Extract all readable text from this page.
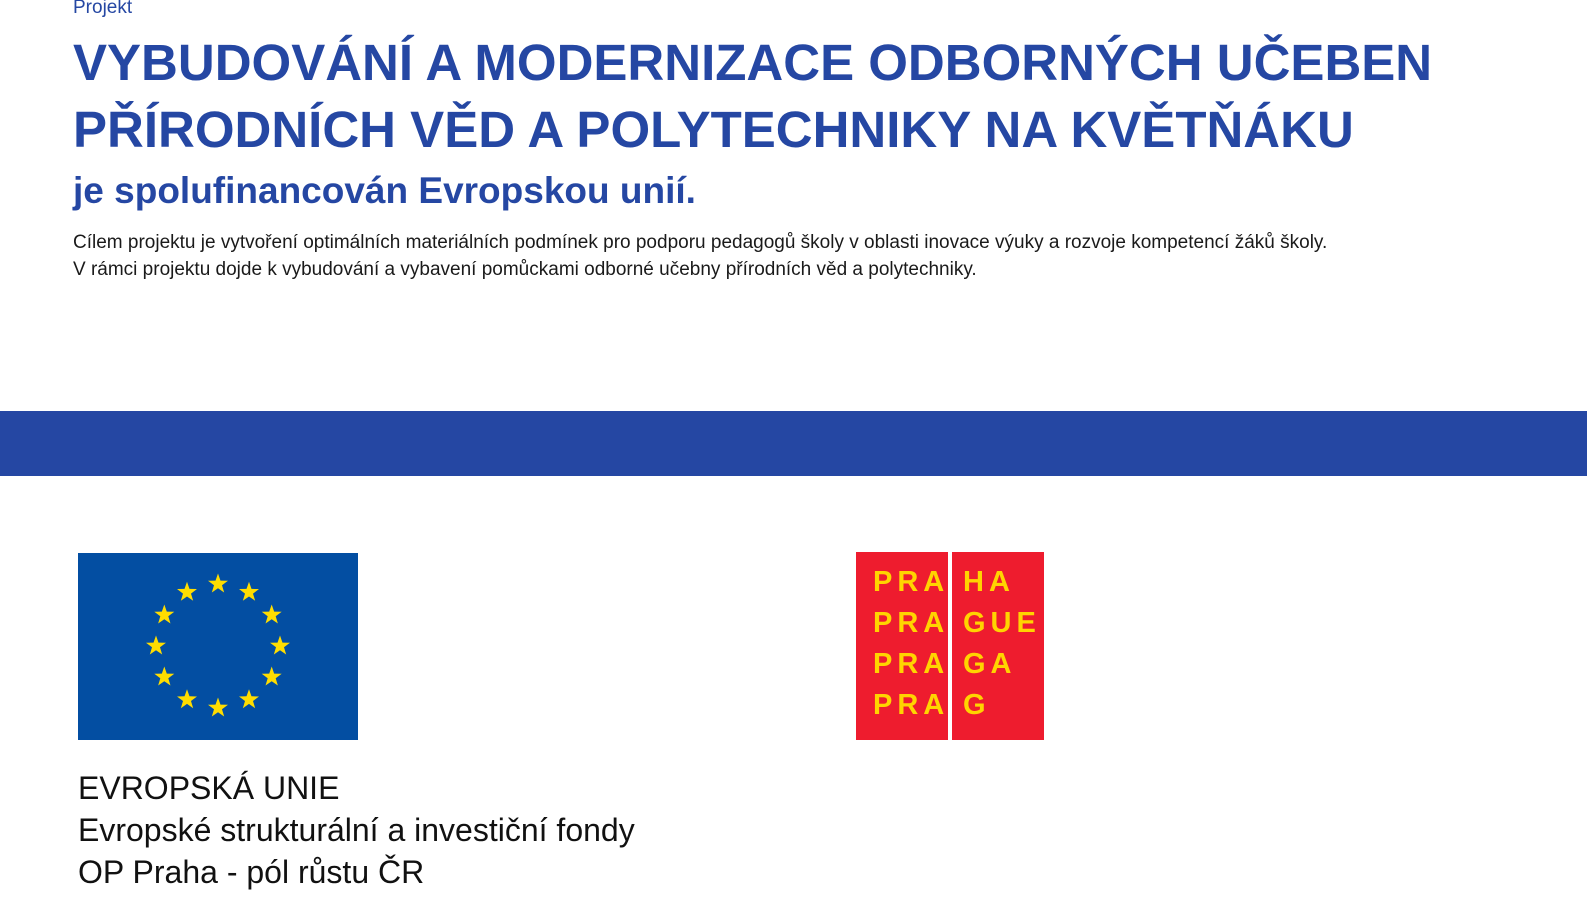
Projekt
VYBUDOVÁNÍ A MODERNIZACE ODBORNÝCH UČEBEN
PŘÍRODNÍCH VĚD A POLYTECHNIKY NA KVĚTŇÁKU
je spolufinancován Evropskou unií.
Cílem projektu je vytvoření optimálních materiálních podmínek pro podporu pedagogů školy v oblasti inovace výuky a rozvoje kompetencí žáků školy.
V rámci projektu dojde k vybudování a vybavení pomůckami odborné učebny přírodních věd a polytechniky.
EVROPSKÁ UNIE
Evropské strukturální a investiční fondy
OP Praha - pól růstu ČR
PRA
PRA
PRA
PRA
HA
GUE
GA
G
